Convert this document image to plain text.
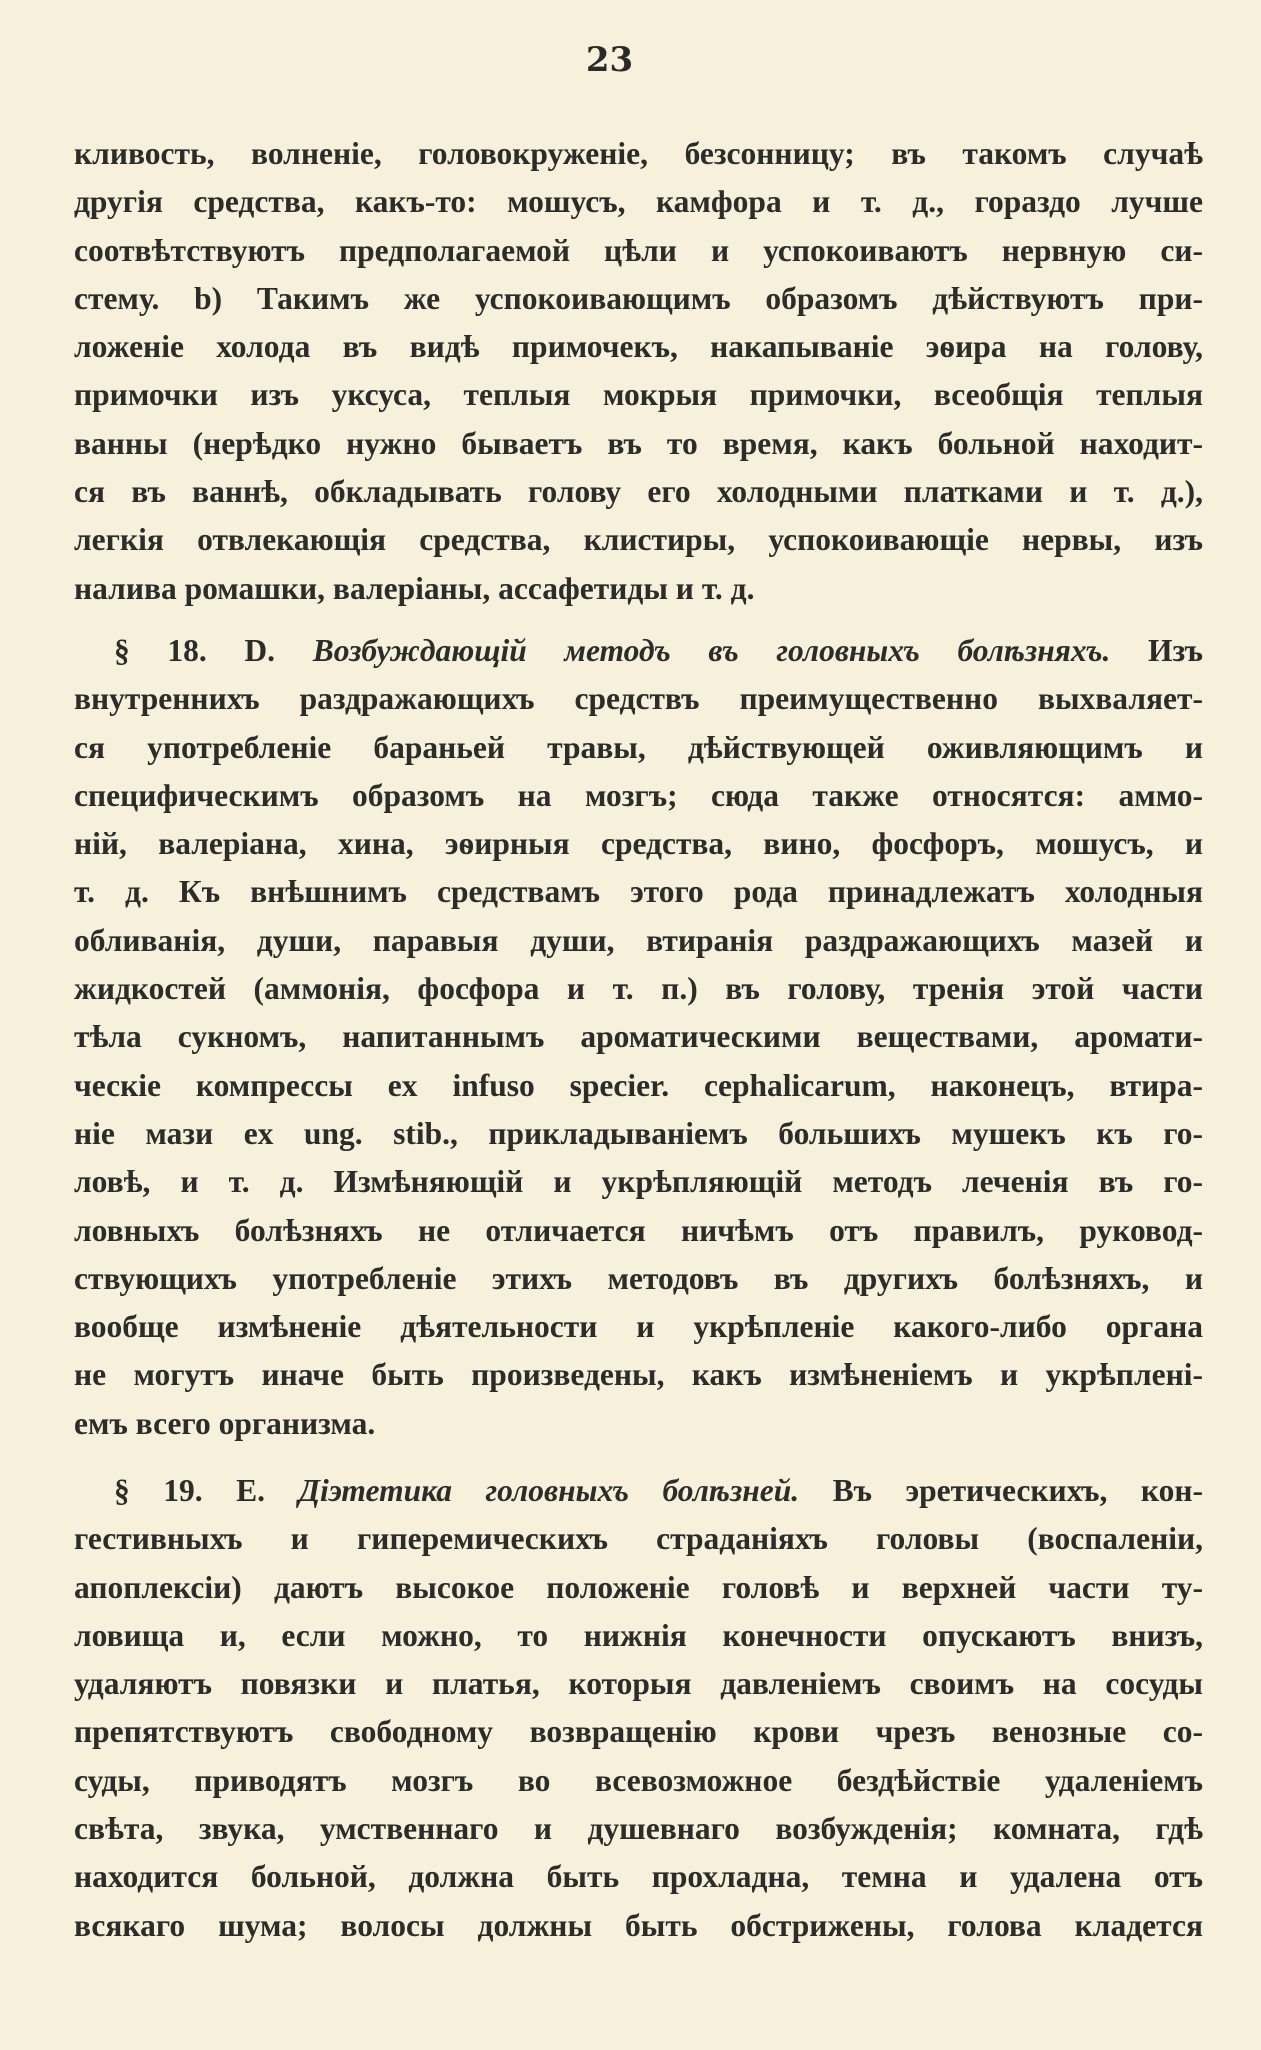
23
кливость, волненіе, головокруженіе, безсонницу; въ такомъ случаѣ
другія средства, какъ-то: мошусъ, камфора и т. д., гораздо лучше
соотвѣтствуютъ предполагаемой цѣли и успокоиваютъ нервную си-
стему. b) Такимъ же успокоивающимъ образомъ дѣйствуютъ при-
ложеніе холода въ видѣ примочекъ, накапываніе эѳира на голову,
примочки изъ уксуса, теплыя мокрыя примочки, всеобщія теплыя
ванны (нерѣдко нужно бываетъ въ то время, какъ больной находит-
ся въ ваннѣ, обкладывать голову его холодными платками и т. д.),
легкія отвлекающія средства, клистиры, успокоивающіе нервы, изъ
налива ромашки, валеріаны, ассафетиды и т. д.
§ 18. D. Возбуждающій методъ въ головныхъ болѣзняхъ. Изъ
внутреннихъ раздражающихъ средствъ преимущественно выхваляет-
ся употребленіе бараньей травы, дѣйствующей оживляющимъ и
специфическимъ образомъ на мозгъ; сюда также относятся: аммо-
ній, валеріана, хина, эѳирныя средства, вино, фосфоръ, мошусъ, и
т. д. Къ внѣшнимъ средствамъ этого рода принадлежатъ холодныя
обливанія, души, паравыя души, втиранія раздражающихъ мазей и
жидкостей (аммонія, фосфора и т. п.) въ голову, тренія этой части
тѣла сукномъ, напитаннымъ ароматическими веществами, аромати-
ческіе компрессы ex infuso specier. cephalicarum, наконецъ, втира-
ніе мази ex ung. stib., прикладываніемъ большихъ мушекъ къ го-
ловѣ, и т. д. Измѣняющій и укрѣпляющій методъ леченія въ го-
ловныхъ болѣзняхъ не отличается ничѣмъ отъ правилъ, руковод-
ствующихъ употребленіе этихъ методовъ въ другихъ болѣзняхъ, и
вообще измѣненіе дѣятельности и укрѣпленіе какого-либо органа
не могутъ иначе быть произведены, какъ измѣненіемъ и укрѣплені-
емъ всего организма.
§ 19. E. Діэтетика головныхъ болѣзней. Въ эретическихъ, кон-
гестивныхъ и гиперемическихъ страданіяхъ головы (воспаленіи,
апоплексіи) даютъ высокое положеніе головѣ и верхней части ту-
ловища и, если можно, то нижнія конечности опускаютъ внизъ,
удаляютъ повязки и платья, которыя давленіемъ своимъ на сосуды
препятствуютъ свободному возвращенію крови чрезъ венозные со-
суды, приводятъ мозгъ во всевозможное бездѣйствіе удаленіемъ
свѣта, звука, умственнаго и душевнаго возбужденія; комната, гдѣ
находится больной, должна быть прохладна, темна и удалена отъ
всякаго шума; волосы должны быть обстрижены, голова кладется
